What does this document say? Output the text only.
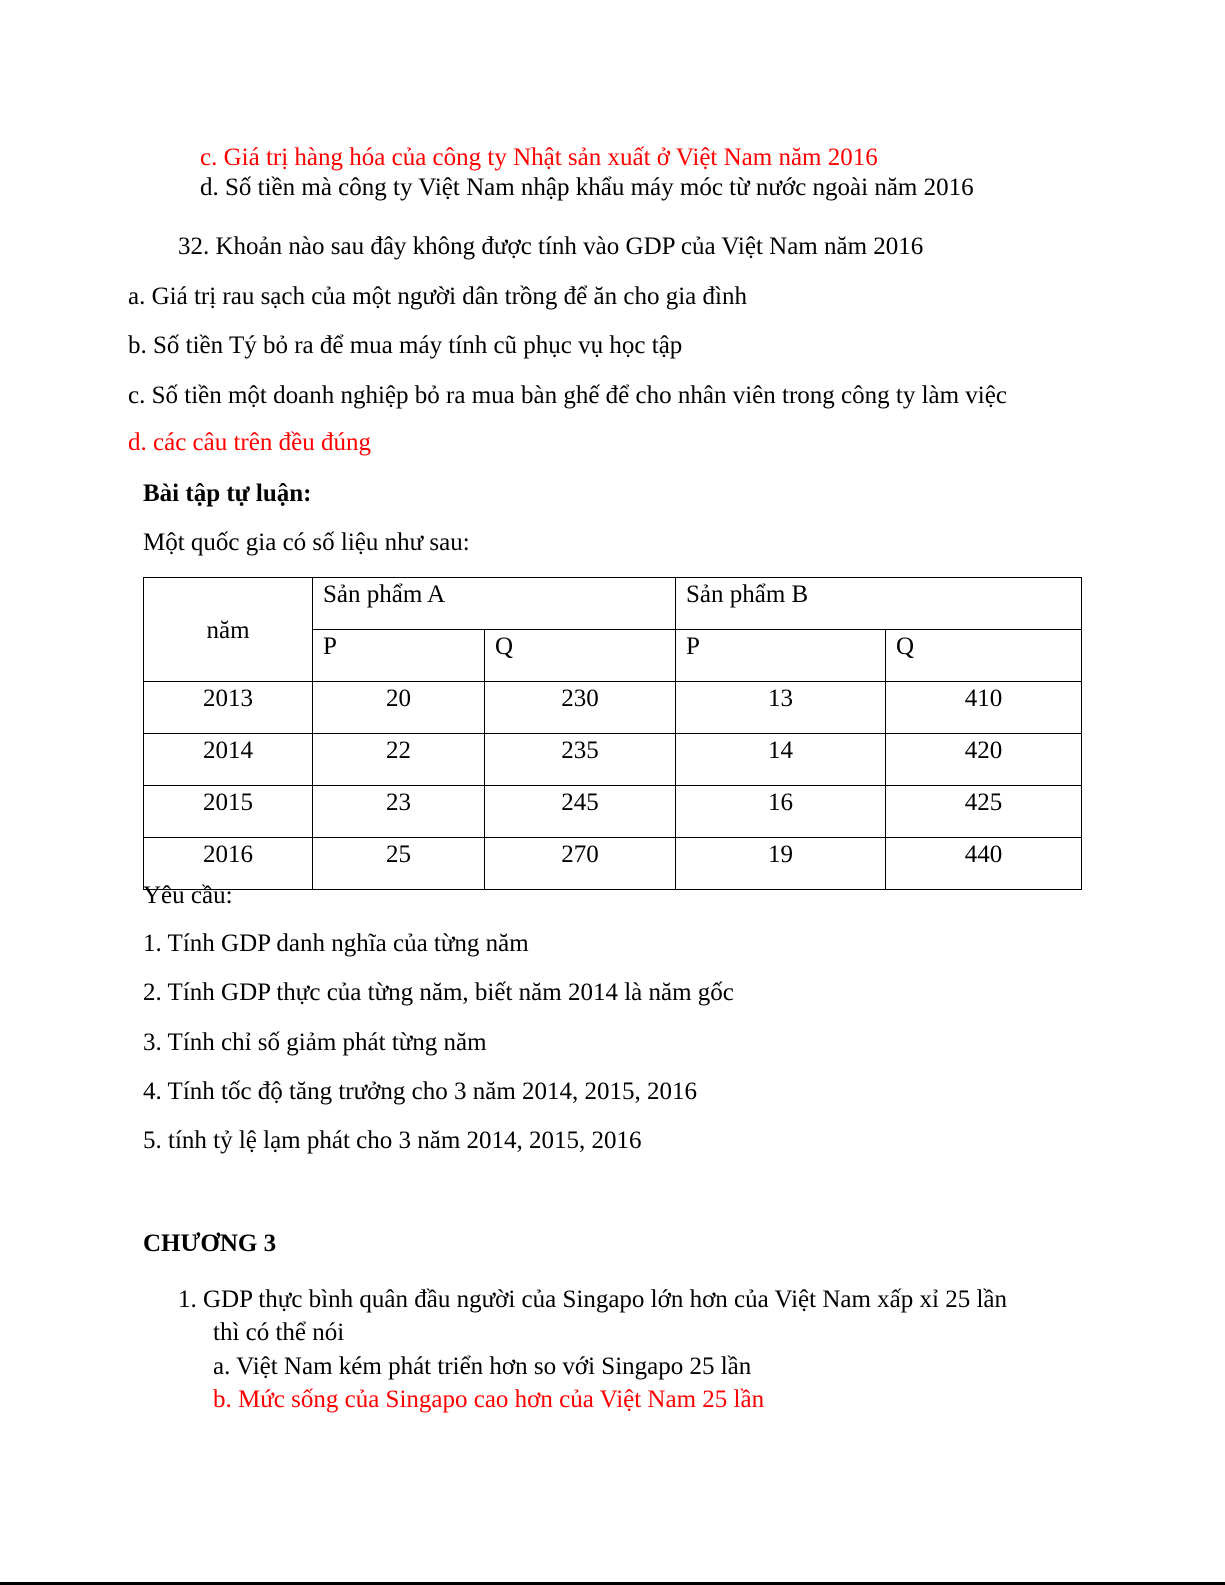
c. Giá trị hàng hóa của công ty Nhật sản xuất ở Việt Nam năm 2016
d. Số tiền mà công ty Việt Nam nhập khẩu máy móc từ nước ngoài năm 2016
32. Khoản nào sau đây không được tính vào GDP của Việt Nam năm 2016
a. Giá trị rau sạch của một người dân trồng để ăn cho gia đình
b. Số tiền Tý bỏ ra để mua máy tính cũ phục vụ học tập
c. Số tiền một doanh nghiệp bỏ ra mua bàn ghế để cho nhân viên trong công ty làm việc
d. các câu trên đều đúng
Bài tập tự luận:
Một quốc gia có số liệu như sau:
năm	Sản phẩm A		Sản phẩm B	
	P	Q	P	Q
2013	20	230	13	410
2014	22	235	14	420
2015	23	245	16	425
2016	25	270	19	440
Yêu cầu:
1. Tính GDP danh nghĩa của từng năm
2. Tính GDP thực của từng năm, biết năm 2014 là năm gốc
3. Tính chỉ số giảm phát từng năm
4. Tính tốc độ tăng trưởng cho 3 năm 2014, 2015, 2016
5. tính tỷ lệ lạm phát cho 3 năm 2014, 2015, 2016
CHƯƠNG 3
1. GDP thực bình quân đầu người của Singapo lớn hơn của Việt Nam xấp xỉ 25 lần
thì có thể nói
a. Việt Nam kém phát triển hơn so với Singapo 25 lần
b. Mức sống của Singapo cao hơn của Việt Nam 25 lần
